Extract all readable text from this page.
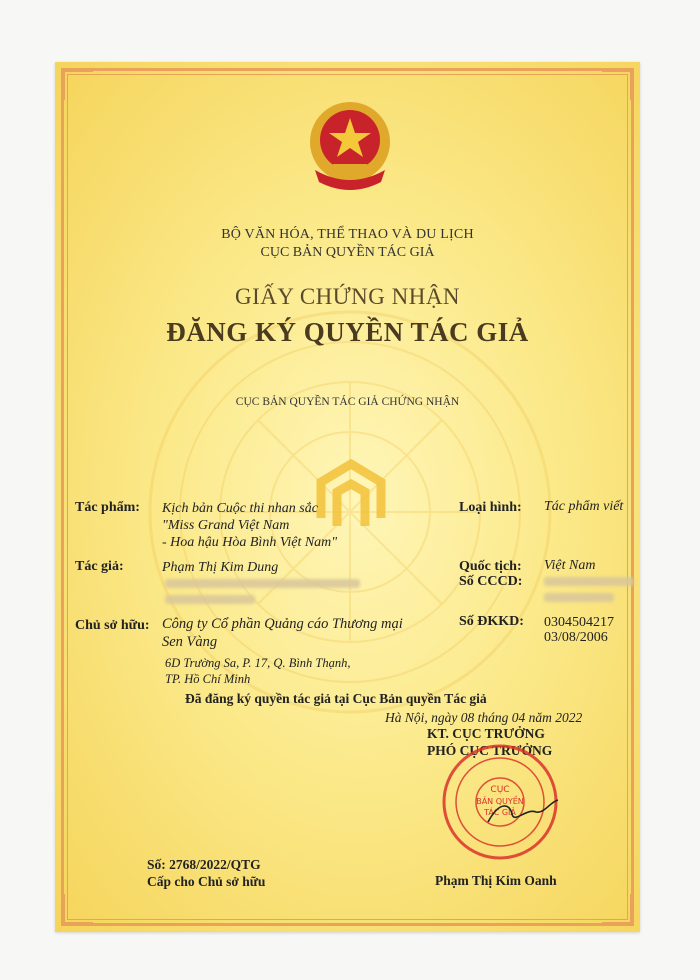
BỘ VĂN HÓA, THỂ THAO VÀ DU LỊCH
CỤC BẢN QUYỀN TÁC GIẢ
GIẤY CHỨNG NHẬN
ĐĂNG KÝ QUYỀN TÁC GIẢ
CỤC BẢN QUYỀN TÁC GIẢ CHỨNG NHẬN
Tác phẩm: Kịch bản Cuộc thi nhan sắc
"Miss Grand Việt Nam
- Hoa hậu Hòa Bình Việt Nam"
Loại hình: Tác phẩm viết
Tác giả:	Phạm Thị Kim Dung	Quốc tịch: Việt Nam
Số CCCD:
Chủ sở hữu: Công ty Cổ phần Quảng cáo Thương mại
Sen Vàng
6D Trường Sa, P. 17, Q. Bình Thạnh,
TP. Hồ Chí Minh
Số ĐKKD: 0304504217
03/08/2006
Đã đăng ký quyền tác giả tại Cục Bản quyền Tác giả
Hà Nội, ngày 08 tháng 04 năm 2022
KT. CỤC TRƯỞNG
PHÓ CỤC TRƯỞNG
CỤC
BẢN QUYỀN
TÁC GIẢ
Số: 2768/2022/QTG
Cấp cho Chủ sở hữu	Phạm Thị Kim Oanh
